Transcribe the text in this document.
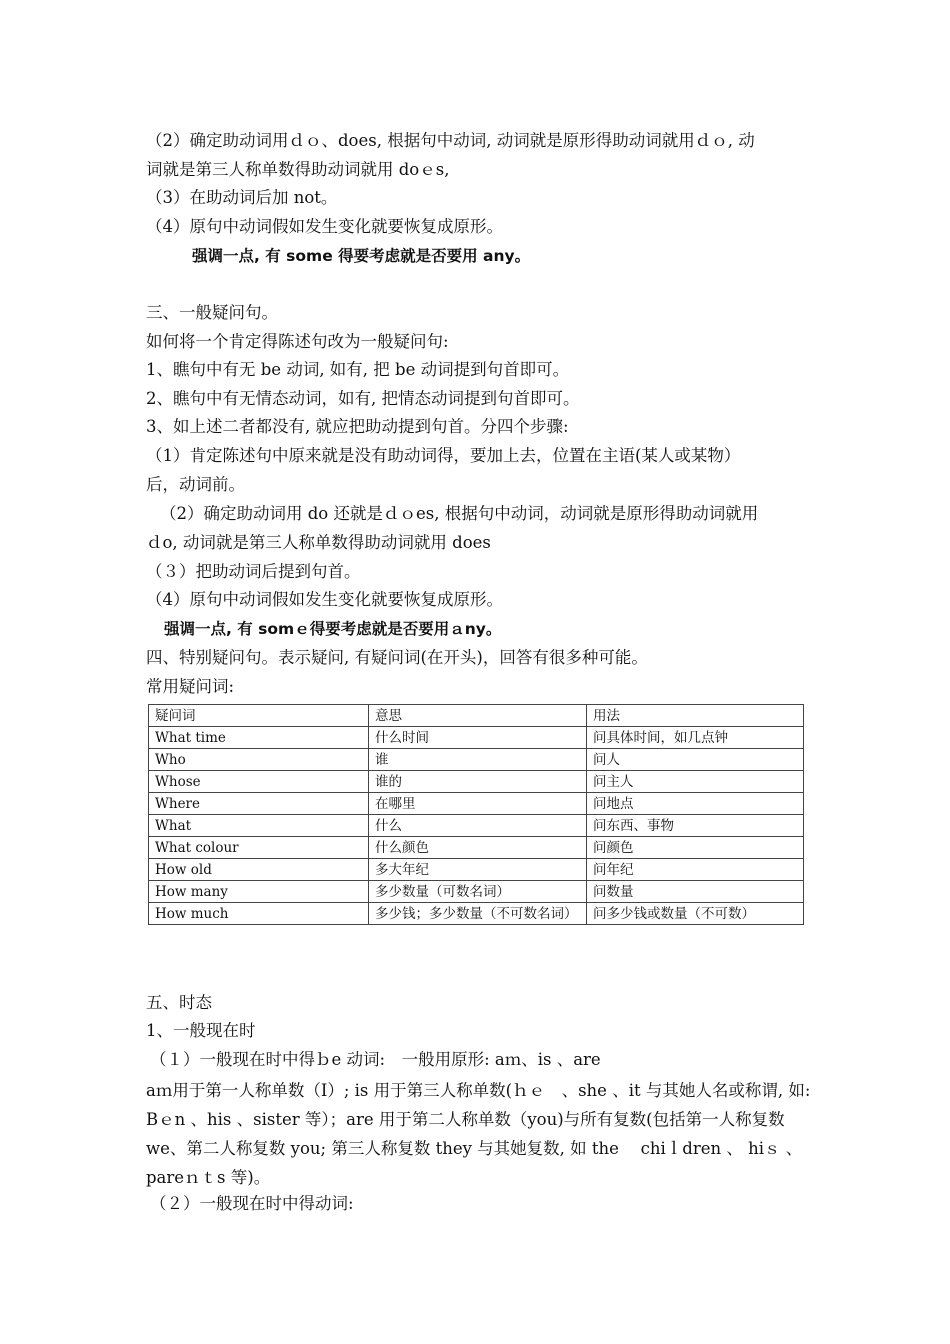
（2）确定助动词用ｄｏ、does, 根据句中动词, 动词就是原形得助动词就用ｄｏ, 动
词就是第三人称单数得助动词就用 doｅs,
（3）在助动词后加 not。
（4）原句中动词假如发生变化就要恢复成原形。
强调一点, 有 some 得要考虑就是否要用 any。
三、一般疑问句。
如何将一个肯定得陈述句改为一般疑问句:
1、瞧句中有无 be 动词, 如有, 把 be 动词提到句首即可。
2、瞧句中有无情态动词，如有, 把情态动词提到句首即可。
3、如上述二者都没有, 就应把助动提到句首。分四个步骤:
（1）肯定陈述句中原来就是没有助动词得，要加上去，位置在主语(某人或某物）
后，动词前。
（2）确定助动词用 do 还就是ｄｏes, 根据句中动词，动词就是原形得助动词就用
ｄo, 动词就是第三人称单数得助动词就用 does
（３）把助动词后提到句首。
（4）原句中动词假如发生变化就要恢复成原形。
强调一点, 有 somｅ得要考虑就是否要用ａny。
四、特别疑问句。表示疑问, 有疑问词(在开头)，回答有很多种可能。
常用疑问词:
疑问词	意思	用法
What time	什么时间	问具体时间，如几点钟
Who	谁	问人
Whose	谁的	问主人
Where	在哪里	问地点
What	什么	问东西、事物
What colour	什么颜色	问颜色
How old	多大年纪	问年纪
How many	多少数量（可数名词）	问数量
How much	多少钱；多少数量（不可数名词）	问多少钱或数量（不可数）
五、时态
1、一般现在时
（１）一般现在时中得ｂe 动词:　一般用原形: aｍ、is 、are
aｍ用于第一人称单数（I）; is 用于第三人称单数(ｈｅ　、she 、it 与其她人名或称谓, 如: Bｅn 、his 、sister 等）；are 用于第二人称单数（you)与所有复数(包括第一人称复数 we、第二人称复数 you; 第三人称复数 they 与其她复数, 如 the　 chiｌdren 、 hiｓ 、pareｎｔs 等)。
（２）一般现在时中得动词:
